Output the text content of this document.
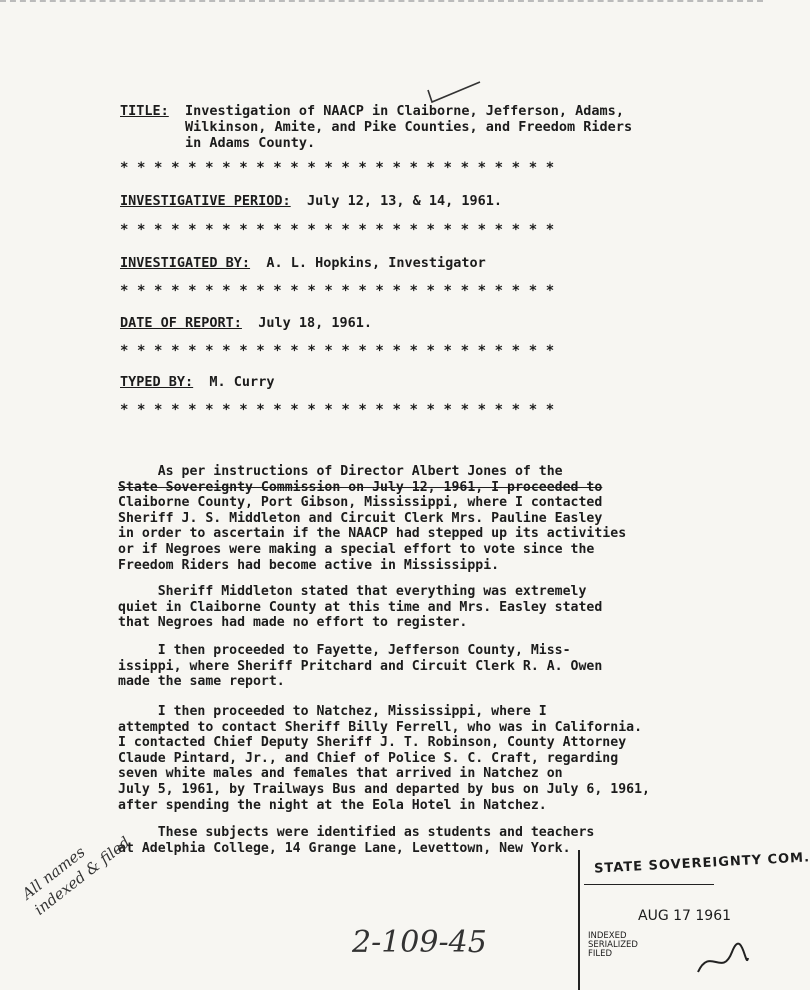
TITLE: Investigation of NAACP in Claiborne, Jefferson, Adams,
Wilkinson, Amite, and Pike Counties, and Freedom Riders
in Adams County.
**************************
INVESTIGATIVE PERIOD: July 12, 13, & 14, 1961.
**************************
INVESTIGATED BY: A. L. Hopkins, Investigator
**************************
DATE OF REPORT: July 18, 1961.
**************************
TYPED BY: M. Curry
**************************
As per instructions of Director Albert Jones of the
State Sovereignty Commission on July 12, 1961, I proceeded to
Claiborne County, Port Gibson, Mississippi, where I contacted
Sheriff J. S. Middleton and Circuit Clerk Mrs. Pauline Easley
in order to ascertain if the NAACP had stepped up its activities
or if Negroes were making a special effort to vote since the
Freedom Riders had become active in Mississippi.
Sheriff Middleton stated that everything was extremely
quiet in Claiborne County at this time and Mrs. Easley stated
that Negroes had made no effort to register.
I then proceeded to Fayette, Jefferson County, Miss-
issippi, where Sheriff Pritchard and Circuit Clerk R. A. Owen
made the same report.
I then proceeded to Natchez, Mississippi, where I
attempted to contact Sheriff Billy Ferrell, who was in California.
I contacted Chief Deputy Sheriff J. T. Robinson, County Attorney
Claude Pintard, Jr., and Chief of Police S. C. Craft, regarding
seven white males and females that arrived in Natchez on
July 5, 1961, by Trailways Bus and departed by bus on July 6, 1961,
after spending the night at the Eola Hotel in Natchez.
These subjects were identified as students and teachers
at Adelphia College, 14 Grange Lane, Levettown, New York.
All names
indexed & filed
2-109-45
STATE SOVEREIGNTY COM.
AUG 17 1961
INDEXED
SERIALIZED
FILED
